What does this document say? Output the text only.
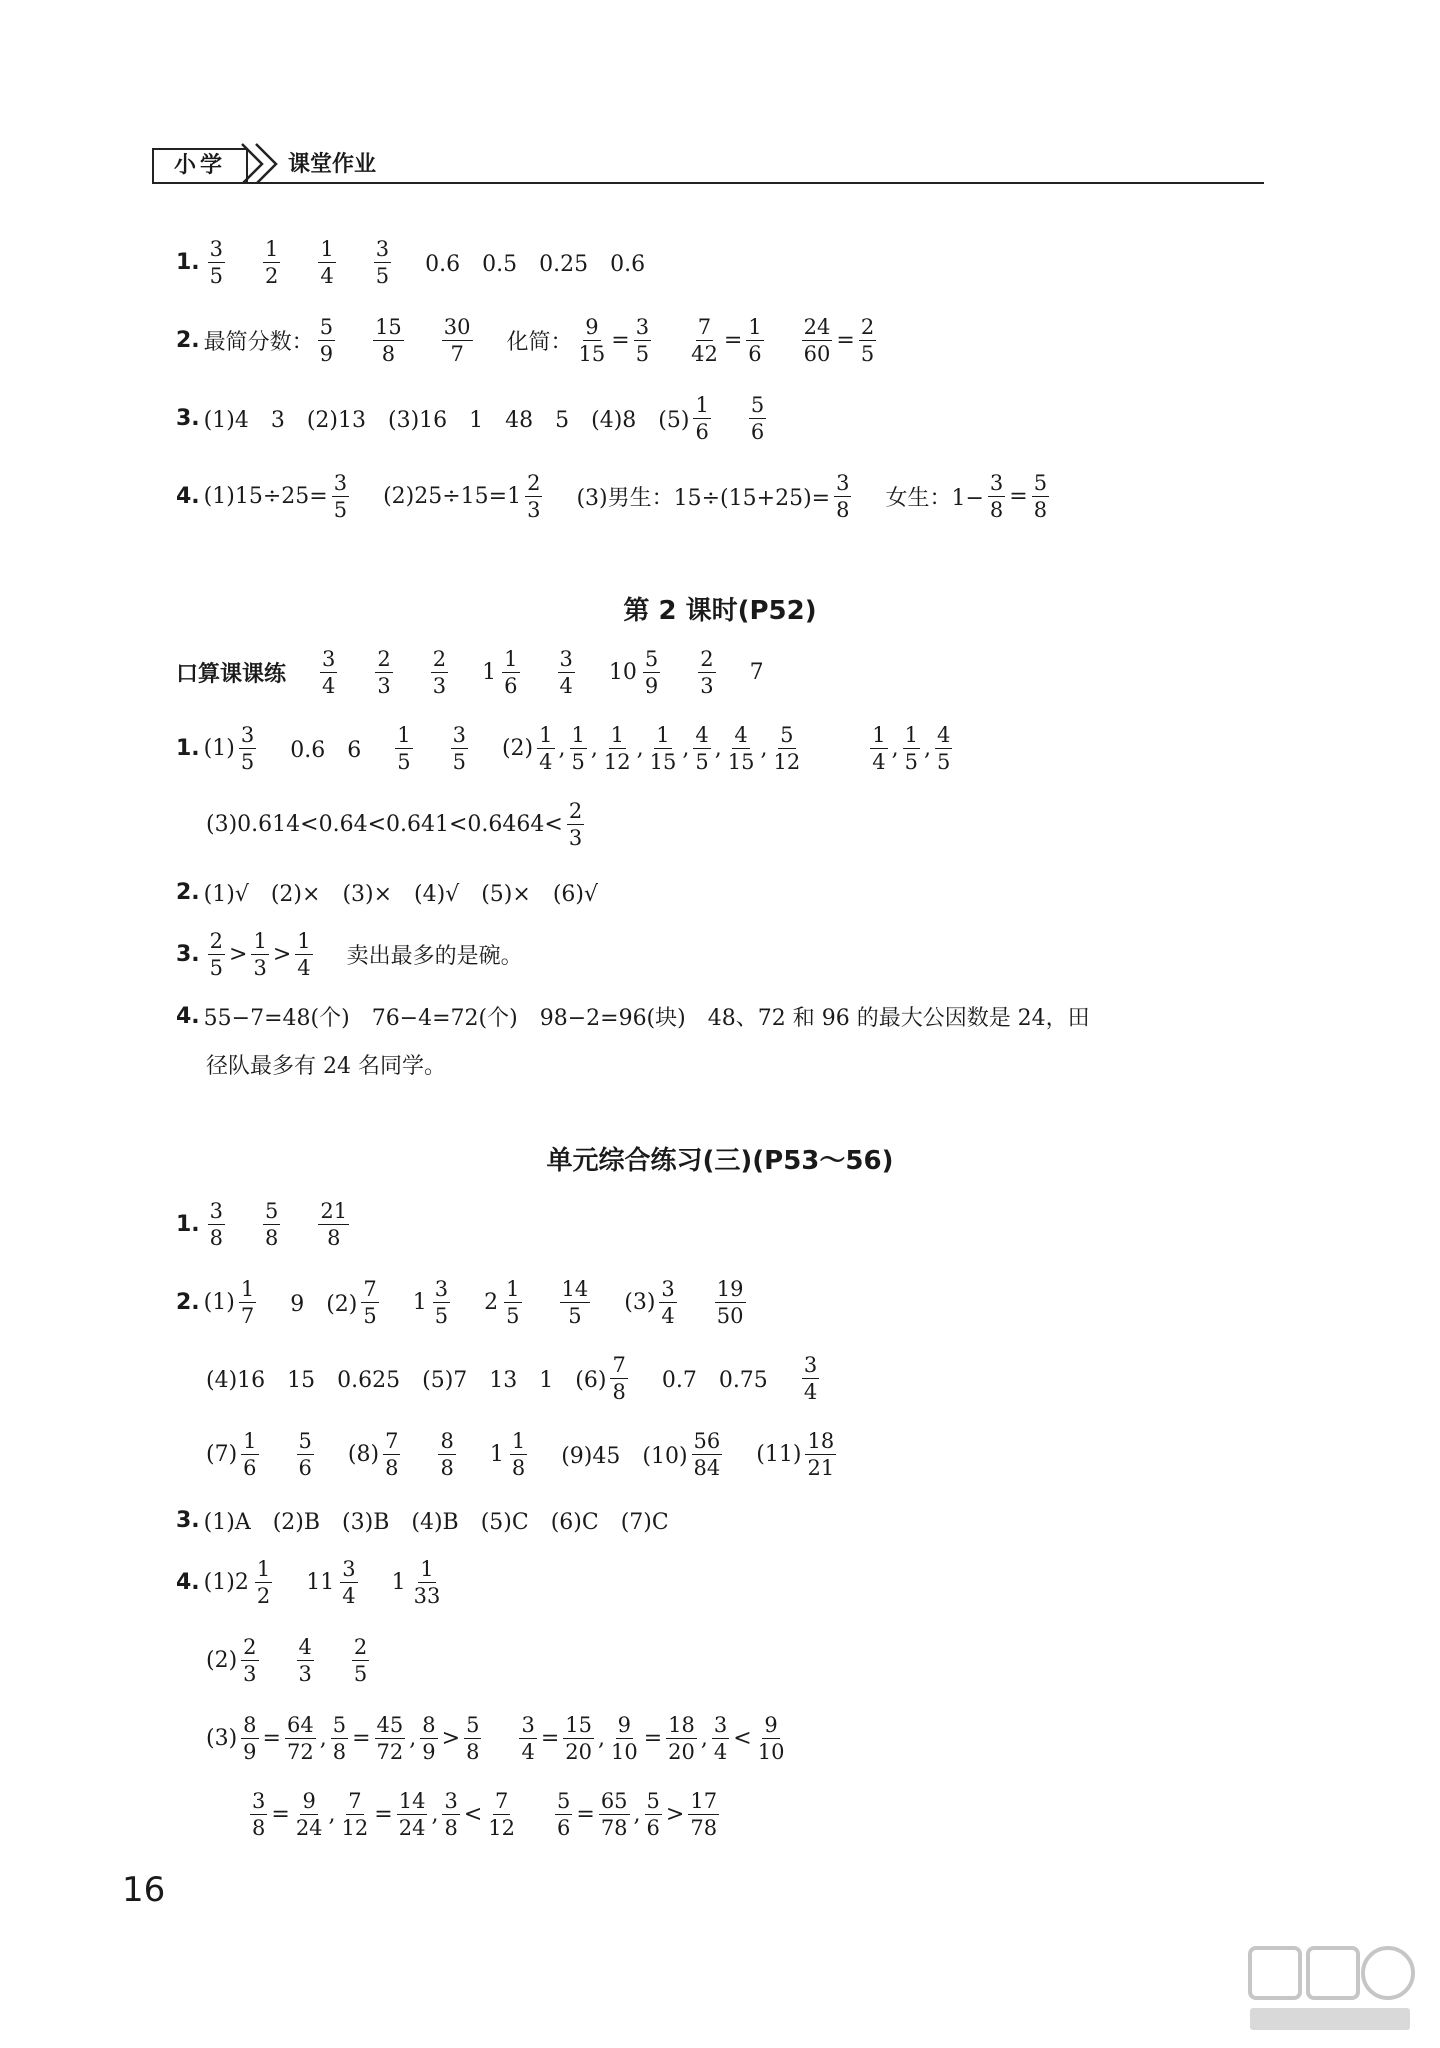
小学	课堂作业
1. $\frac{3}{5} \frac{1}{2} \frac{1}{4} \frac{3}{5} 0.6$　0.5　0.25　0.6
2. 最简分数： $\frac{5}{9} \frac{15}{8} \frac{30}{7}$ 化简： $\frac{9}{15} = \frac{3}{5} \frac{7}{42} = \frac{1}{6} \frac{24}{60} = \frac{2}{5}$
3. (1)4　3　(2)13　(3)16　1　48　5　(4)8　$(5) \frac{1}{6} \frac{5}{6}$
4. $(1)15\div 25= \frac{3}{5} (2)25\div 15=1 \frac{2}{3} (3)$男生：$15\div(15+25)= \frac{3}{8}$ 女生：$1- \frac{3}{8} = \frac{5}{8}$
第 2 课时(P52)
口算课课练 $\frac{3}{4} \frac{2}{3} \frac{2}{3} 1 \frac{1}{6} \frac{3}{4} 10 \frac{5}{9} \frac{2}{3} 7$
1. $(1) \frac{3}{5} 0.6$　$6 \frac{1}{5} \frac{3}{5} (2) \frac{1}{4}$ , $\frac{1}{5}$ , $\frac{1}{12}$ , $\frac{1}{15}$ , $\frac{4}{5}$ , $\frac{4}{15}$ , $\frac{5}{12}$	$\frac{1}{4}$ , $\frac{1}{5}$ , $\frac{4}{5}$
$(3)0.614<0.64<0.641<0.6464< \frac{2}{3}$
2. (1)√　(2)×　(3)×　(4)√　(5)×　(6)√
3. $\frac{2}{5} > \frac{1}{3} > \frac{1}{4}$ 卖出最多的是碗。
4. 55−7=48(个)　76−4=72(个)　98−2=96(块)　48、72 和 96 的最大公因数是 24，田
径队最多有 24 名同学。
单元综合练习(三)(P53～56)
1. $\frac{3}{8} \frac{5}{8} \frac{21}{8}$
2. $(1) \frac{1}{7} 9$　$(2) \frac{7}{5} 1 \frac{3}{5} 2 \frac{1}{5} \frac{14}{5} (3) \frac{3}{4} \frac{19}{50}$
(4)16　15　0.625　(5)7　13　1　$(6) \frac{7}{8} 0.7$　$0.75 \frac{3}{4}$
$(7) \frac{1}{6} \frac{5}{6} (8) \frac{7}{8} \frac{8}{8} 1 \frac{1}{8} (9)45$　$(10) \frac{56}{84} (11) \frac{18}{21}$
3. (1)A　(2)B　(3)B　(4)B　(5)C　(6)C　(7)C
4. (1) $2 \frac{1}{2} 11 \frac{3}{4} 1 \frac{1}{33}$
$(2) \frac{2}{3} \frac{4}{3} \frac{2}{5}$
$(3) \frac{8}{9} = \frac{64}{72}$ , $\frac{5}{8} = \frac{45}{72}$ , $\frac{8}{9} > \frac{5}{8} \frac{3}{4} = \frac{15}{20}$ , $\frac{9}{10} = \frac{18}{20}$ , $\frac{3}{4} < \frac{9}{10}$
$\frac{3}{8} = \frac{9}{24}$ , $\frac{7}{12} = \frac{14}{24}$ , $\frac{3}{8} < \frac{7}{12} \frac{5}{6} = \frac{65}{78}$ , $\frac{5}{6} > \frac{17}{78}$
16
